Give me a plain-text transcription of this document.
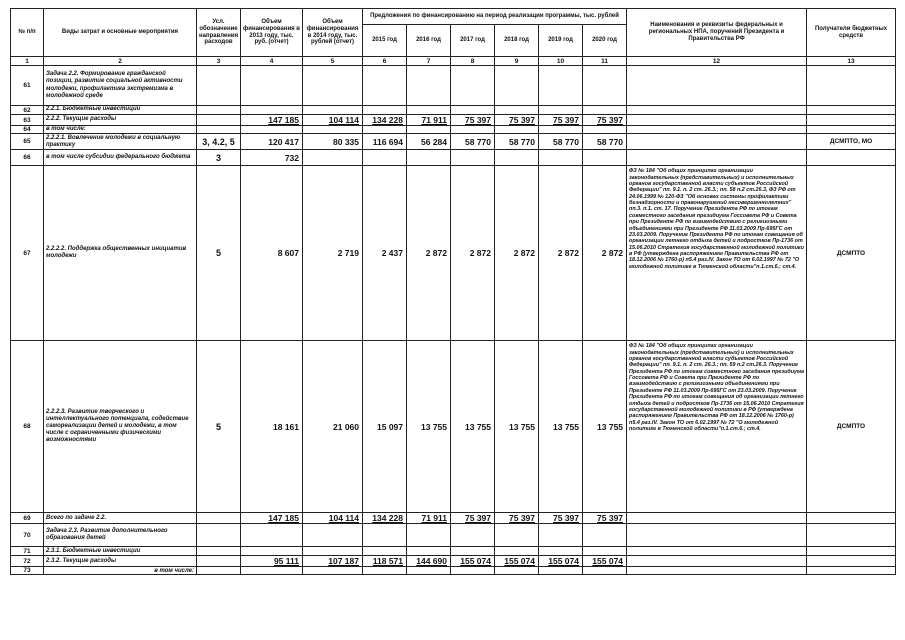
№ п/п	Виды затрат и основные мероприятия	Усл. обозначение направления расходов	Объем финансирования в 2013 году, тыс. руб. (отчет)	Объем финансирования в 2014 году, тыс. рублей (отчет)	Предложения по финансированию на период реализации программы, тыс. рублей						Наименования и реквизиты федеральных и региональных НПА, поручений Президента и Правительства РФ	Получатели бюджетных средств
					2015 год	2016 год	2017 год	2018 год	2019 год	2020 год		
1	2	3	4	5	6	7	8	9	10	11	12	13
61	Задача 2.2. Формирование гражданской позиции, развитие социальной активности молодежи, профилактика экстремизма в молодежной среде											
62	2.2.1. Бюджетные инвестиции											
63	2.2.2. Текущие расходы		147 185	104 114	134 228	71 911	75 397	75 397	75 397	75 397		
64	в том числе:											
65	2.2.2.1. Вовлечение молодежи в социальную практику	3, 4.2, 5	120 417	80 335	116 694	56 284	58 770	58 770	58 770	58 770		ДСМПТО, МО
66	в том числе субсидии федерального бюджета	3	732									
67	2.2.2.2. Поддержка общественных инициатив молодежи	5	8 607	2 719	2 437	2 872	2 872	2 872	2 872	2 872	ФЗ № 184 "Об общих принципах организации законодательных (представительных) и исполнительных органов государственной власти субъектов Российской Федерации" пп. 9.1. п. 2 ст. 26.3.; пп. 58 п.2 ст.26.3, ФЗ РФ от 24.06.1999 № 120-ФЗ "Об основах системы профилактики безнадзорности и правонарушений несовершеннолетних" пп.3. п.1. ст. 17. Поручение Президента РФ по итогам совместного заседания президиума Госсовета РФ и Совета при Президенте РФ по взаимодействию с религиозными объединениями при Президенте РФ 11.03.2009 Пр-695ГС от 23.03.2009. Поручение Президента РФ по итогам совещания об организации летнего отдыха детей и подростков Пр-1736 от 15.06.2010 Стратегия государственной молодежной политики в РФ (утверждена распоряжением Правительства РФ от 18.12.2006 № 1760-р) п5.4 раз.IV. Закон ТО от 6.02.1997 № 72 "О молодежной политике в Тюменской области"п.1.ст.6.; ст.4.	ДСМПТО
68	2.2.2.3. Развитие творческого и интеллектуального потенциала, содействие самореализации детей и молодежи, в том числе с ограниченными физическими возможностями	5	18 161	21 060	15 097	13 755	13 755	13 755	13 755	13 755	ФЗ № 184 "Об общих принципах организации законодательных (представительных) и исполнительных органов государственной власти субъектов Российской Федерации" пп. 9.1. п. 2 ст. 26.3.; пп. 59 п.2 ст.26.3. Поручение Президента РФ по итогам совместного заседания президиума Госсовета РФ и Совета при Президенте РФ по взаимодействию с религиозными объединениями при Президенте РФ 11.03.2009 Пр-695ГС от 23.03.2009. Поручение Президента РФ по итогам совещания об организации летнего отдыха детей и подростков Пр-1736 от 15.06.2010 Стратегия государственной молодежной политики в РФ (утверждена распоряжением Правительства РФ от 18.12.2006 № 1760-р) п5.4 раз.IV. Закон ТО от 6.02.1997 № 72 "О молодежной политике в Тюменской области"п.1.ст.6.; ст.4.	ДСМПТО
69	Всего по задаче 2.2.		147 185	104 114	134 228	71 911	75 397	75 397	75 397	75 397		
70	Задача 2.3. Развитие дополнительного образования детей											
71	2.3.1. Бюджетные инвестиции											
72	2.3.2. Текущие расходы		95 111	107 187	118 571	144 690	155 074	155 074	155 074	155 074		
73	в том числе:											
